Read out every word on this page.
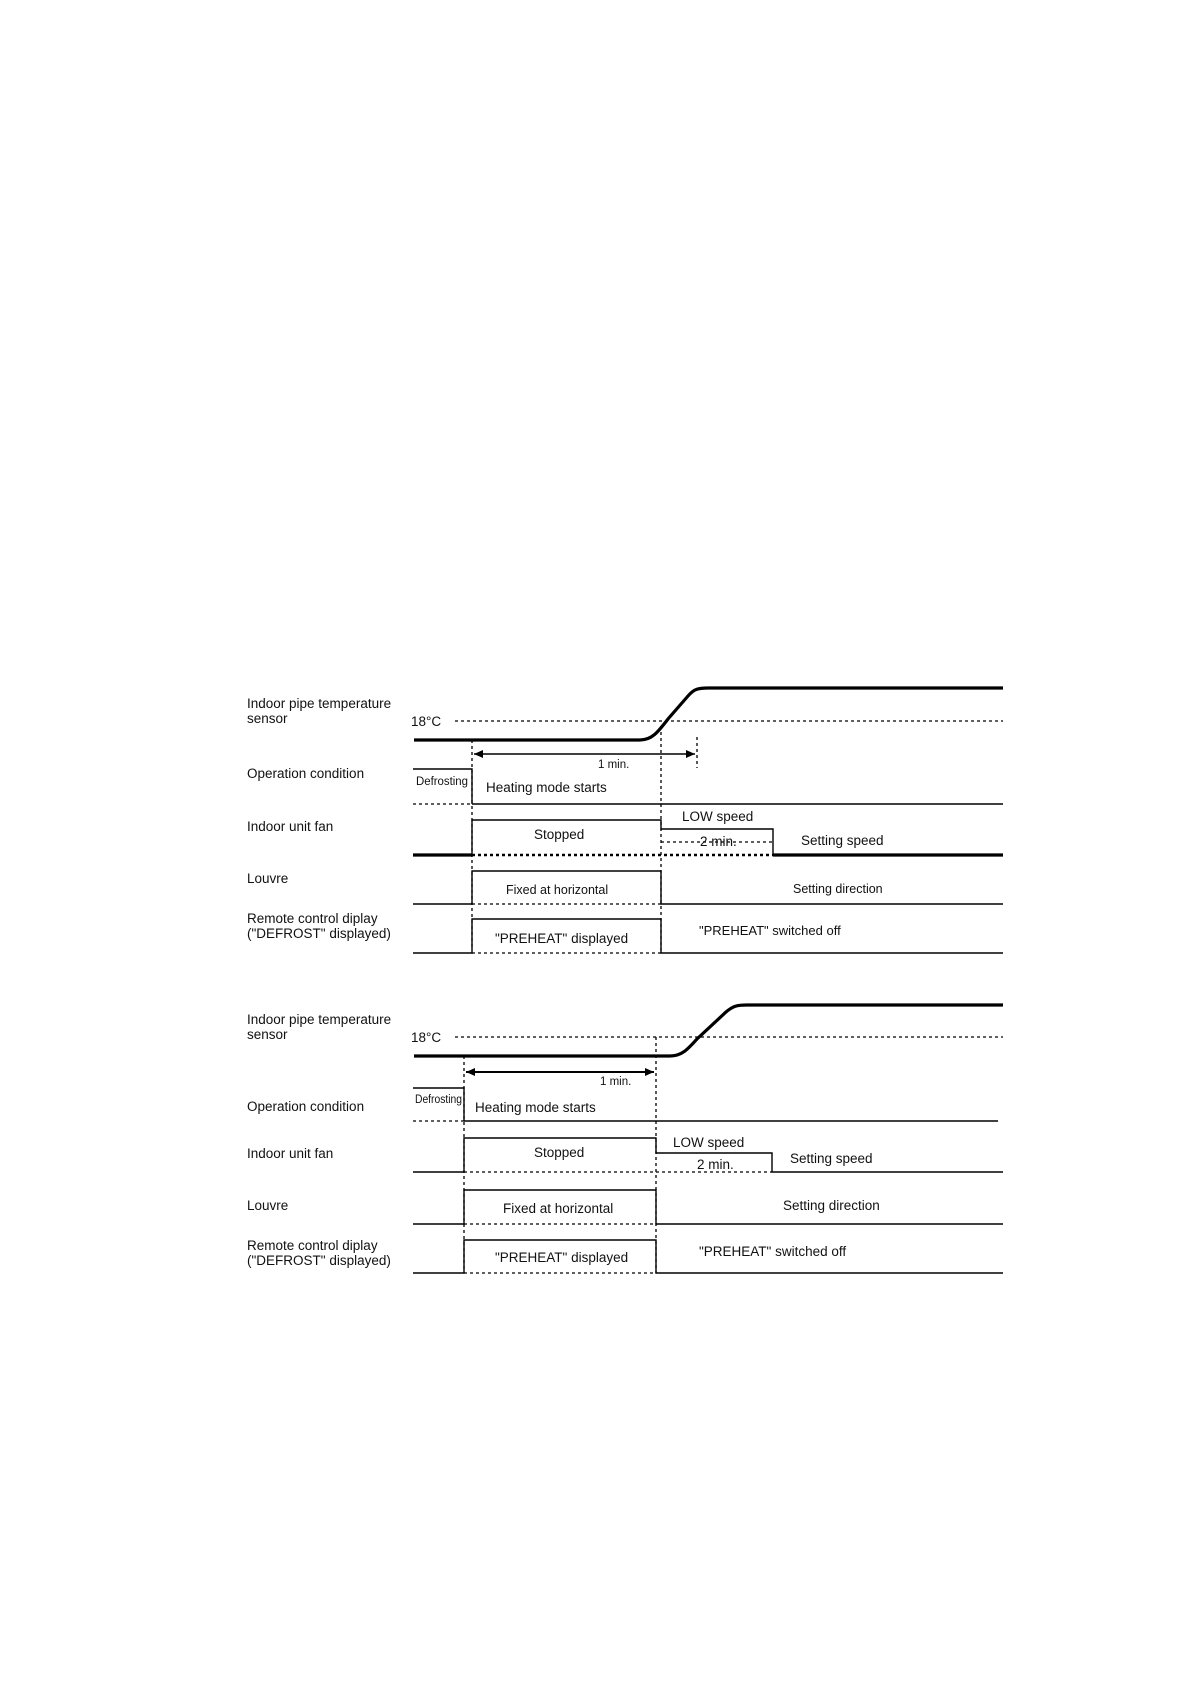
Indoor pipe temperature
sensor
Operation condition
Indoor unit fan
Louvre
Remote control diplay
("DEFROST" displayed)
18°C
1 min.
Defrosting Heating mode starts
Stopped
LOW speed
2 min.	Setting speed
Fixed at horizontal	Setting direction
"PREHEAT" displayed
"PREHEAT" switched off
Indoor pipe temperature
sensor
Operation condition
Indoor unit fan
Louvre
Remote control diplay
("DEFROST" displayed)
18°C
1 min.
Defrosting Heating mode starts
Stopped
LOW speed
2 min.	Setting speed
Fixed at horizontal	Setting direction
"PREHEAT" displayed	"PREHEAT" switched off
